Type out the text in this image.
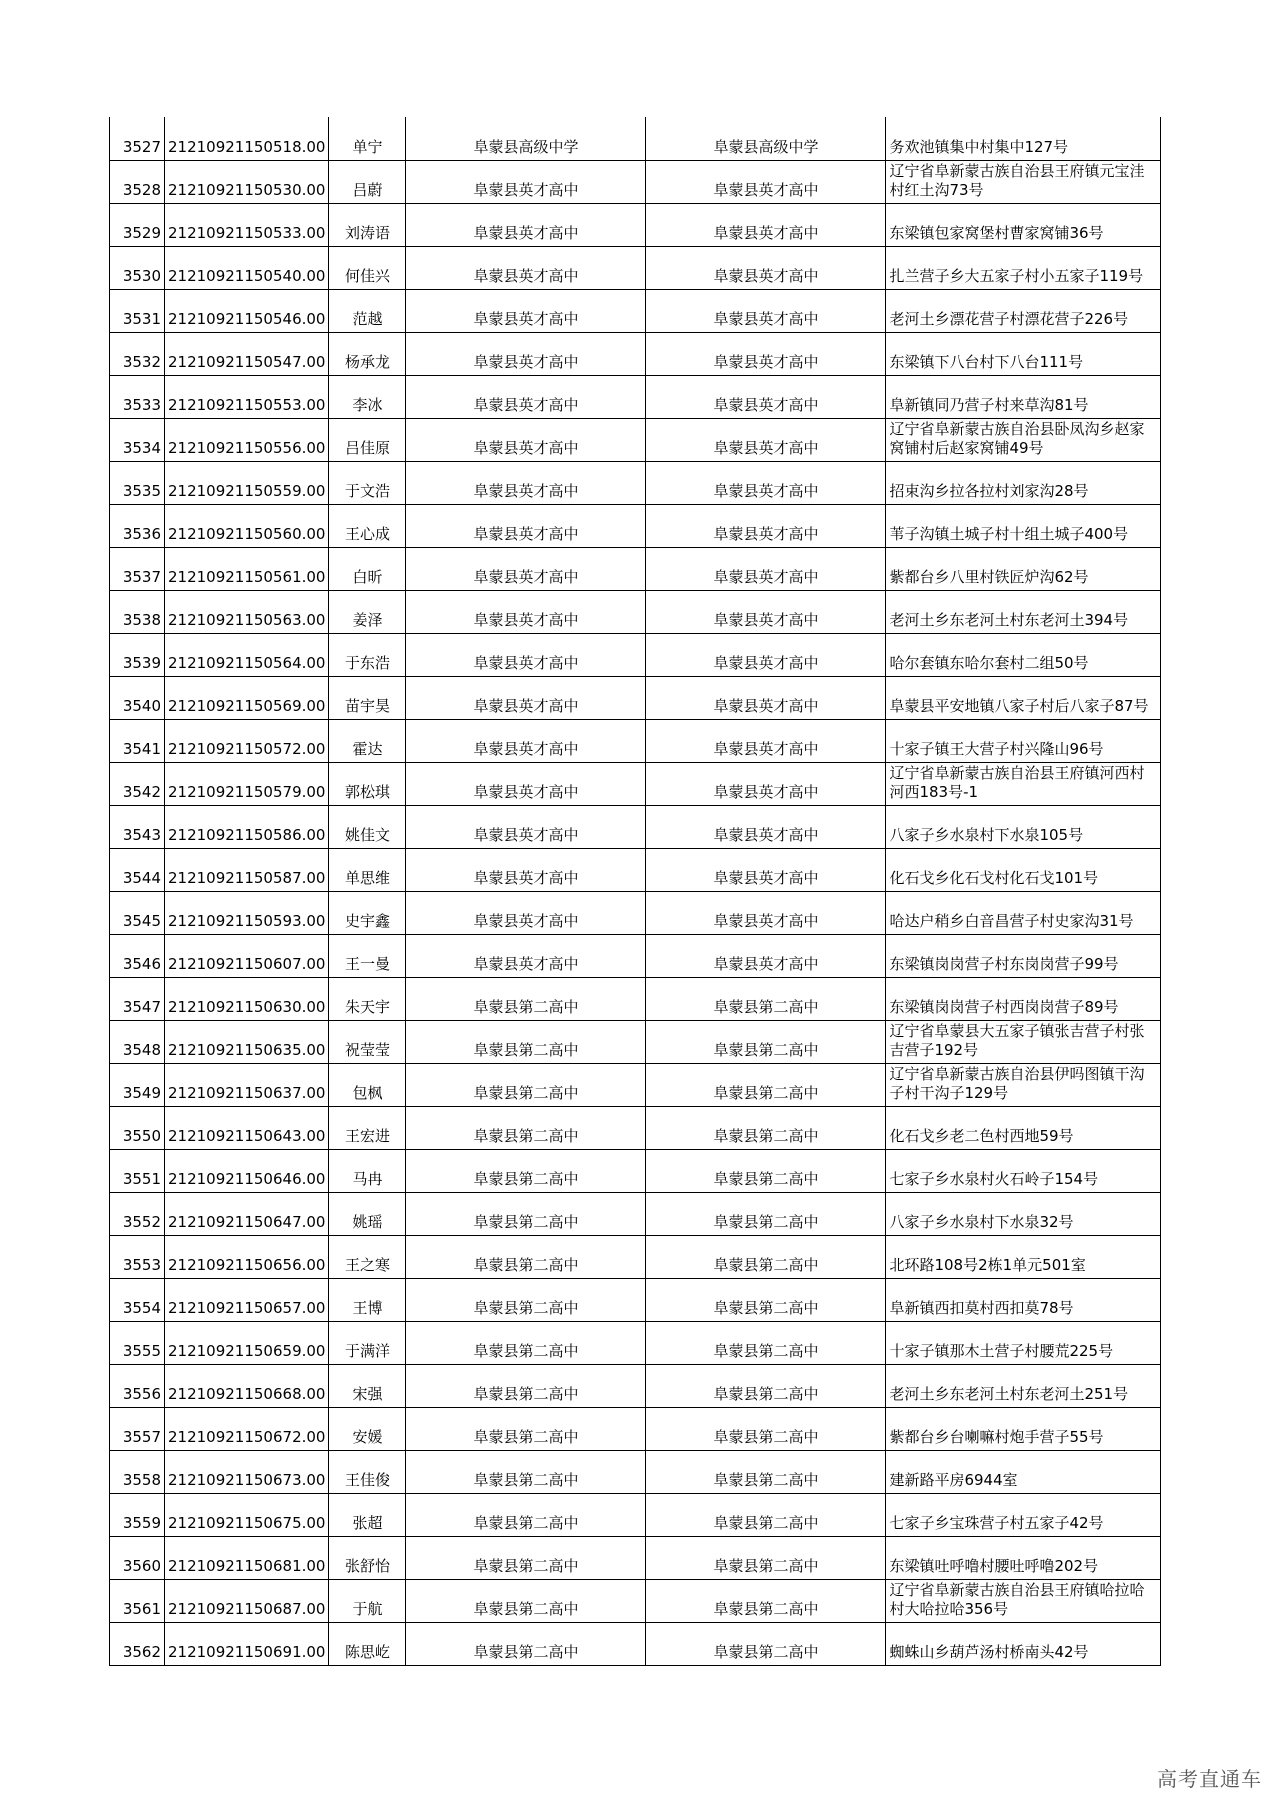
3527	21210921150518.00	单宁	阜蒙县高级中学	阜蒙县高级中学	务欢池镇集中村集中127号
3528	21210921150530.00	吕蔚	阜蒙县英才高中	阜蒙县英才高中	辽宁省阜新蒙古族自治县王府镇元宝洼村红土沟73号
3529	21210921150533.00	刘涛语	阜蒙县英才高中	阜蒙县英才高中	东梁镇包家窝堡村曹家窝铺36号
3530	21210921150540.00	何佳兴	阜蒙县英才高中	阜蒙县英才高中	扎兰营子乡大五家子村小五家子119号
3531	21210921150546.00	范越	阜蒙县英才高中	阜蒙县英才高中	老河土乡漂花营子村漂花营子226号
3532	21210921150547.00	杨承龙	阜蒙县英才高中	阜蒙县英才高中	东梁镇下八台村下八台111号
3533	21210921150553.00	李冰	阜蒙县英才高中	阜蒙县英才高中	阜新镇同乃营子村来草沟81号
3534	21210921150556.00	吕佳原	阜蒙县英才高中	阜蒙县英才高中	辽宁省阜新蒙古族自治县卧凤沟乡赵家窝铺村后赵家窝铺49号
3535	21210921150559.00	于文浩	阜蒙县英才高中	阜蒙县英才高中	招束沟乡拉各拉村刘家沟28号
3536	21210921150560.00	王心成	阜蒙县英才高中	阜蒙县英才高中	苇子沟镇土城子村十组土城子400号
3537	21210921150561.00	白昕	阜蒙县英才高中	阜蒙县英才高中	紫都台乡八里村铁匠炉沟62号
3538	21210921150563.00	姜泽	阜蒙县英才高中	阜蒙县英才高中	老河土乡东老河土村东老河土394号
3539	21210921150564.00	于东浩	阜蒙县英才高中	阜蒙县英才高中	哈尔套镇东哈尔套村二组50号
3540	21210921150569.00	苗宇昊	阜蒙县英才高中	阜蒙县英才高中	阜蒙县平安地镇八家子村后八家子87号
3541	21210921150572.00	霍达	阜蒙县英才高中	阜蒙县英才高中	十家子镇王大营子村兴隆山96号
3542	21210921150579.00	郭松琪	阜蒙县英才高中	阜蒙县英才高中	辽宁省阜新蒙古族自治县王府镇河西村河西183号-1
3543	21210921150586.00	姚佳文	阜蒙县英才高中	阜蒙县英才高中	八家子乡水泉村下水泉105号
3544	21210921150587.00	单思维	阜蒙县英才高中	阜蒙县英才高中	化石戈乡化石戈村化石戈101号
3545	21210921150593.00	史宇鑫	阜蒙县英才高中	阜蒙县英才高中	哈达户稍乡白音昌营子村史家沟31号
3546	21210921150607.00	王一曼	阜蒙县英才高中	阜蒙县英才高中	东梁镇岗岗营子村东岗岗营子99号
3547	21210921150630.00	朱天宇	阜蒙县第二高中	阜蒙县第二高中	东梁镇岗岗营子村西岗岗营子89号
3548	21210921150635.00	祝莹莹	阜蒙县第二高中	阜蒙县第二高中	辽宁省阜蒙县大五家子镇张吉营子村张吉营子192号
3549	21210921150637.00	包枫	阜蒙县第二高中	阜蒙县第二高中	辽宁省阜新蒙古族自治县伊吗图镇干沟子村干沟子129号
3550	21210921150643.00	王宏进	阜蒙县第二高中	阜蒙县第二高中	化石戈乡老二色村西地59号
3551	21210921150646.00	马冉	阜蒙县第二高中	阜蒙县第二高中	七家子乡水泉村火石岭子154号
3552	21210921150647.00	姚瑶	阜蒙县第二高中	阜蒙县第二高中	八家子乡水泉村下水泉32号
3553	21210921150656.00	王之寒	阜蒙县第二高中	阜蒙县第二高中	北环路108号2栋1单元501室
3554	21210921150657.00	王博	阜蒙县第二高中	阜蒙县第二高中	阜新镇西扣莫村西扣莫78号
3555	21210921150659.00	于满洋	阜蒙县第二高中	阜蒙县第二高中	十家子镇那木土营子村腰荒225号
3556	21210921150668.00	宋强	阜蒙县第二高中	阜蒙县第二高中	老河土乡东老河土村东老河土251号
3557	21210921150672.00	安媛	阜蒙县第二高中	阜蒙县第二高中	紫都台乡台喇嘛村炮手营子55号
3558	21210921150673.00	王佳俊	阜蒙县第二高中	阜蒙县第二高中	建新路平房6944室
3559	21210921150675.00	张超	阜蒙县第二高中	阜蒙县第二高中	七家子乡宝珠营子村五家子42号
3560	21210921150681.00	张舒怡	阜蒙县第二高中	阜蒙县第二高中	东梁镇吐呼噜村腰吐呼噜202号
3561	21210921150687.00	于航	阜蒙县第二高中	阜蒙县第二高中	辽宁省阜新蒙古族自治县王府镇哈拉哈村大哈拉哈356号
3562	21210921150691.00	陈思屹	阜蒙县第二高中	阜蒙县第二高中	蜘蛛山乡葫芦汤村桥南头42号
高考直通车
